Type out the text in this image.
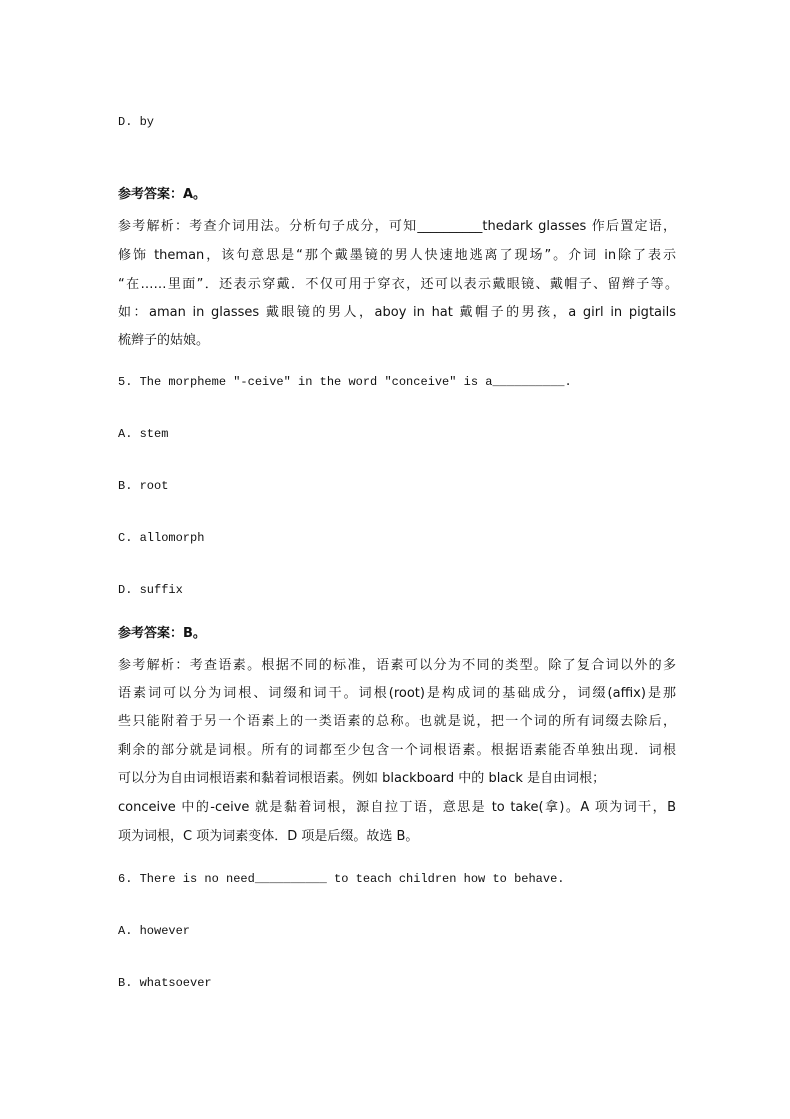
D. by
参考答案：A。
参考解析：考查介词用法。分析句子成分，可知__________thedark glasses 作后置定语，
修饰 theman，该句意思是“那个戴墨镜的男人快速地逃离了现场”。介词 in除了表示
“在……里面”．还表示穿戴．不仅可用于穿衣，还可以表示戴眼镜、戴帽子、留辫子等。
如：aman in glasses 戴眼镜的男人，aboy in hat 戴帽子的男孩，a girl in pigtails
梳辫子的姑娘。
5. The morpheme "-ceive" in the word "conceive" is a__________.
A. stem
B. root
C. allomorph
D. suffix
参考答案：B。
参考解析：考查语素。根据不同的标准，语素可以分为不同的类型。除了复合词以外的多
语素词可以分为词根、词缀和词干。词根(root)是构成词的基础成分，词缀(affix)是那
些只能附着于另一个语素上的一类语素的总称。也就是说，把一个词的所有词缀去除后，
剩余的部分就是词根。所有的词都至少包含一个词根语素。根据语素能否单独出现．词根
可以分为自由词根语素和黏着词根语素。例如 blackboard 中的 black 是自由词根；
conceive 中的-ceive 就是黏着词根，源自拉丁语，意思是 to take(拿)。A 项为词干，B
项为词根，C 项为词素变体．D 项是后缀。故选 B。
6. There is no need__________ to teach children how to behave.
A. however
B. whatsoever
